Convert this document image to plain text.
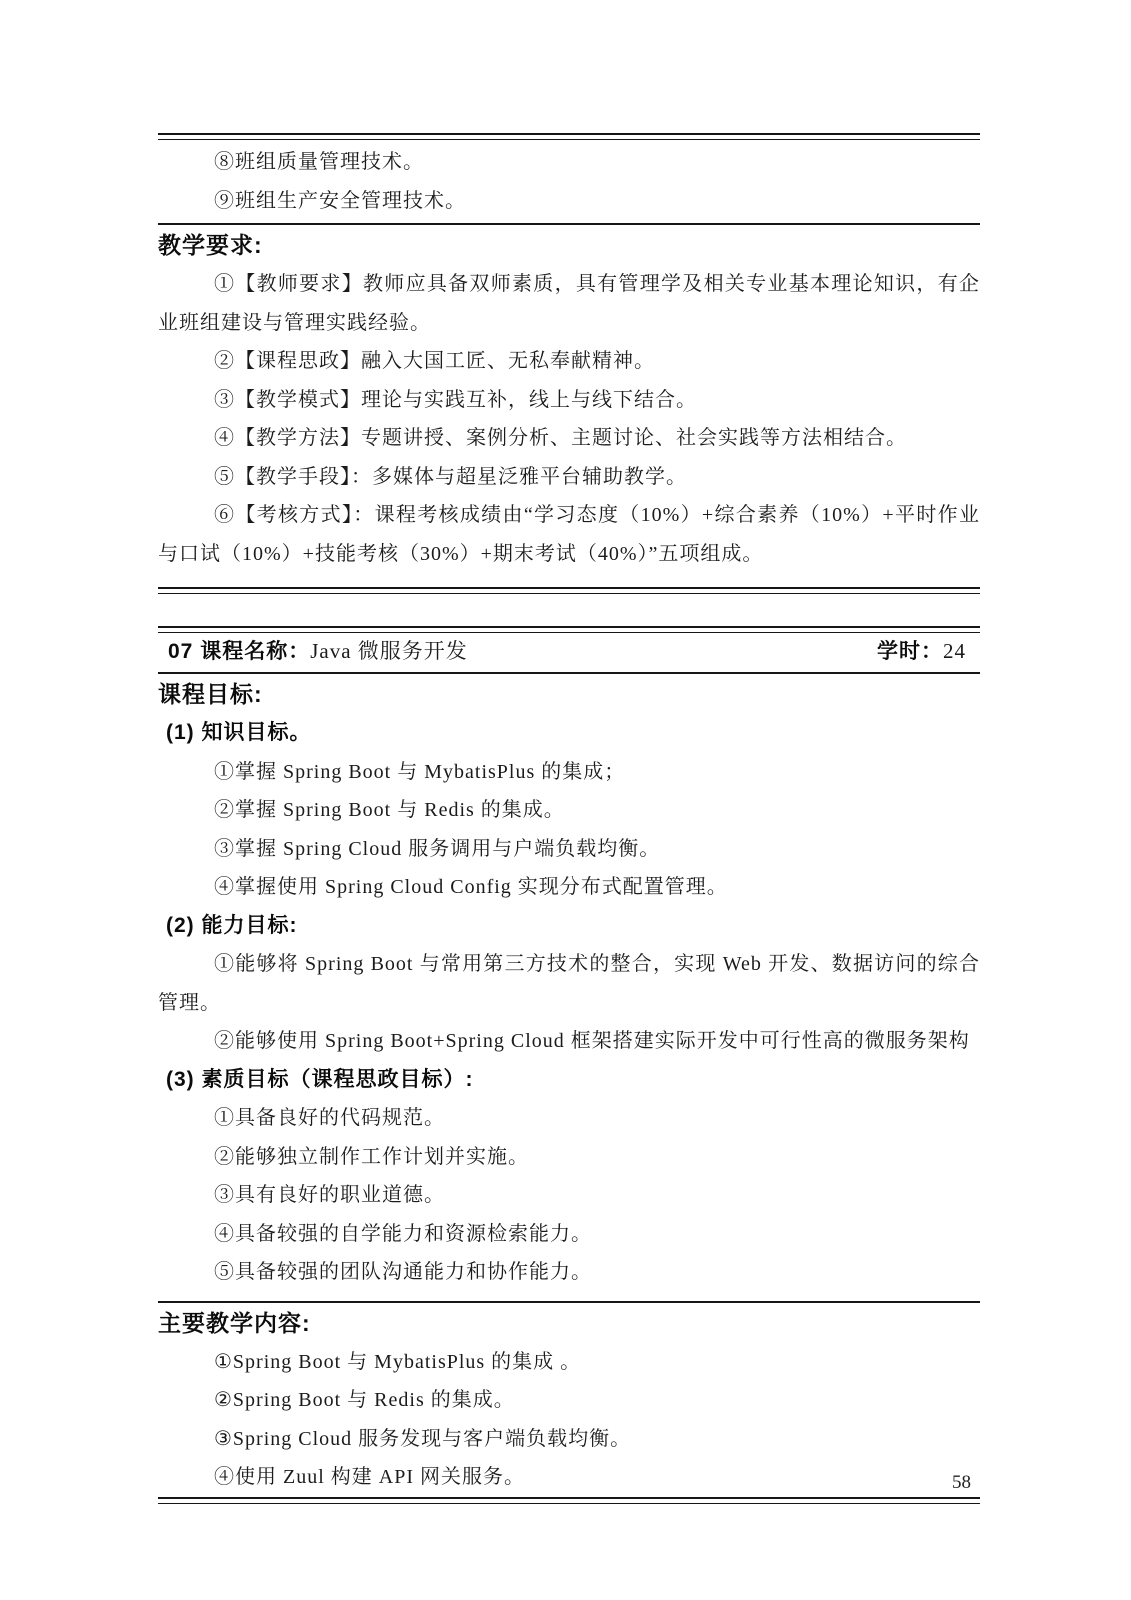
⑧班组质量管理技术。

⑨班组生产安全管理技术。

教学要求:

①【教师要求】教师应具备双师素质，具有管理学及相关专业基本理论知识，有企业班组建设与管理实践经验。

②【课程思政】融入大国工匠、无私奉献精神。

③【教学模式】理论与实践互补，线上与线下结合。

④【教学方法】专题讲授、案例分析、主题讨论、社会实践等方法相结合。

⑤【教学手段】：多媒体与超星泛雅平台辅助教学。

⑥【考核方式】：课程考核成绩由“学习态度（10%）+综合素养（10%）+平时作业与口试（10%）+技能考核（30%）+期末考试（40%）”五项组成。

07 课程名称：Java 微服务开发	学时：24
课程目标:
(1) 知识目标。

①掌握 Spring Boot 与 MybatisPlus 的集成；

②掌握 Spring Boot 与 Redis 的集成。

③掌握 Spring Cloud 服务调用与户端负载均衡。

④掌握使用 Spring Cloud Config 实现分布式配置管理。

(2) 能力目标:

①能够将 Spring Boot 与常用第三方技术的整合，实现 Web 开发、数据访问的综合管理。

②能够使用 Spring Boot+Spring Cloud 框架搭建实际开发中可行性高的微服务架构

(3) 素质目标（课程思政目标）:

①具备良好的代码规范。

②能够独立制作工作计划并实施。

③具有良好的职业道德。

④具备较强的自学能力和资源检索能力。

⑤具备较强的团队沟通能力和协作能力。

主要教学内容:

①Spring Boot 与 MybatisPlus 的集成 。

②Spring Boot 与 Redis 的集成。

③Spring Cloud 服务发现与客户端负载均衡。

④使用 Zuul 构建 API 网关服务。	58
